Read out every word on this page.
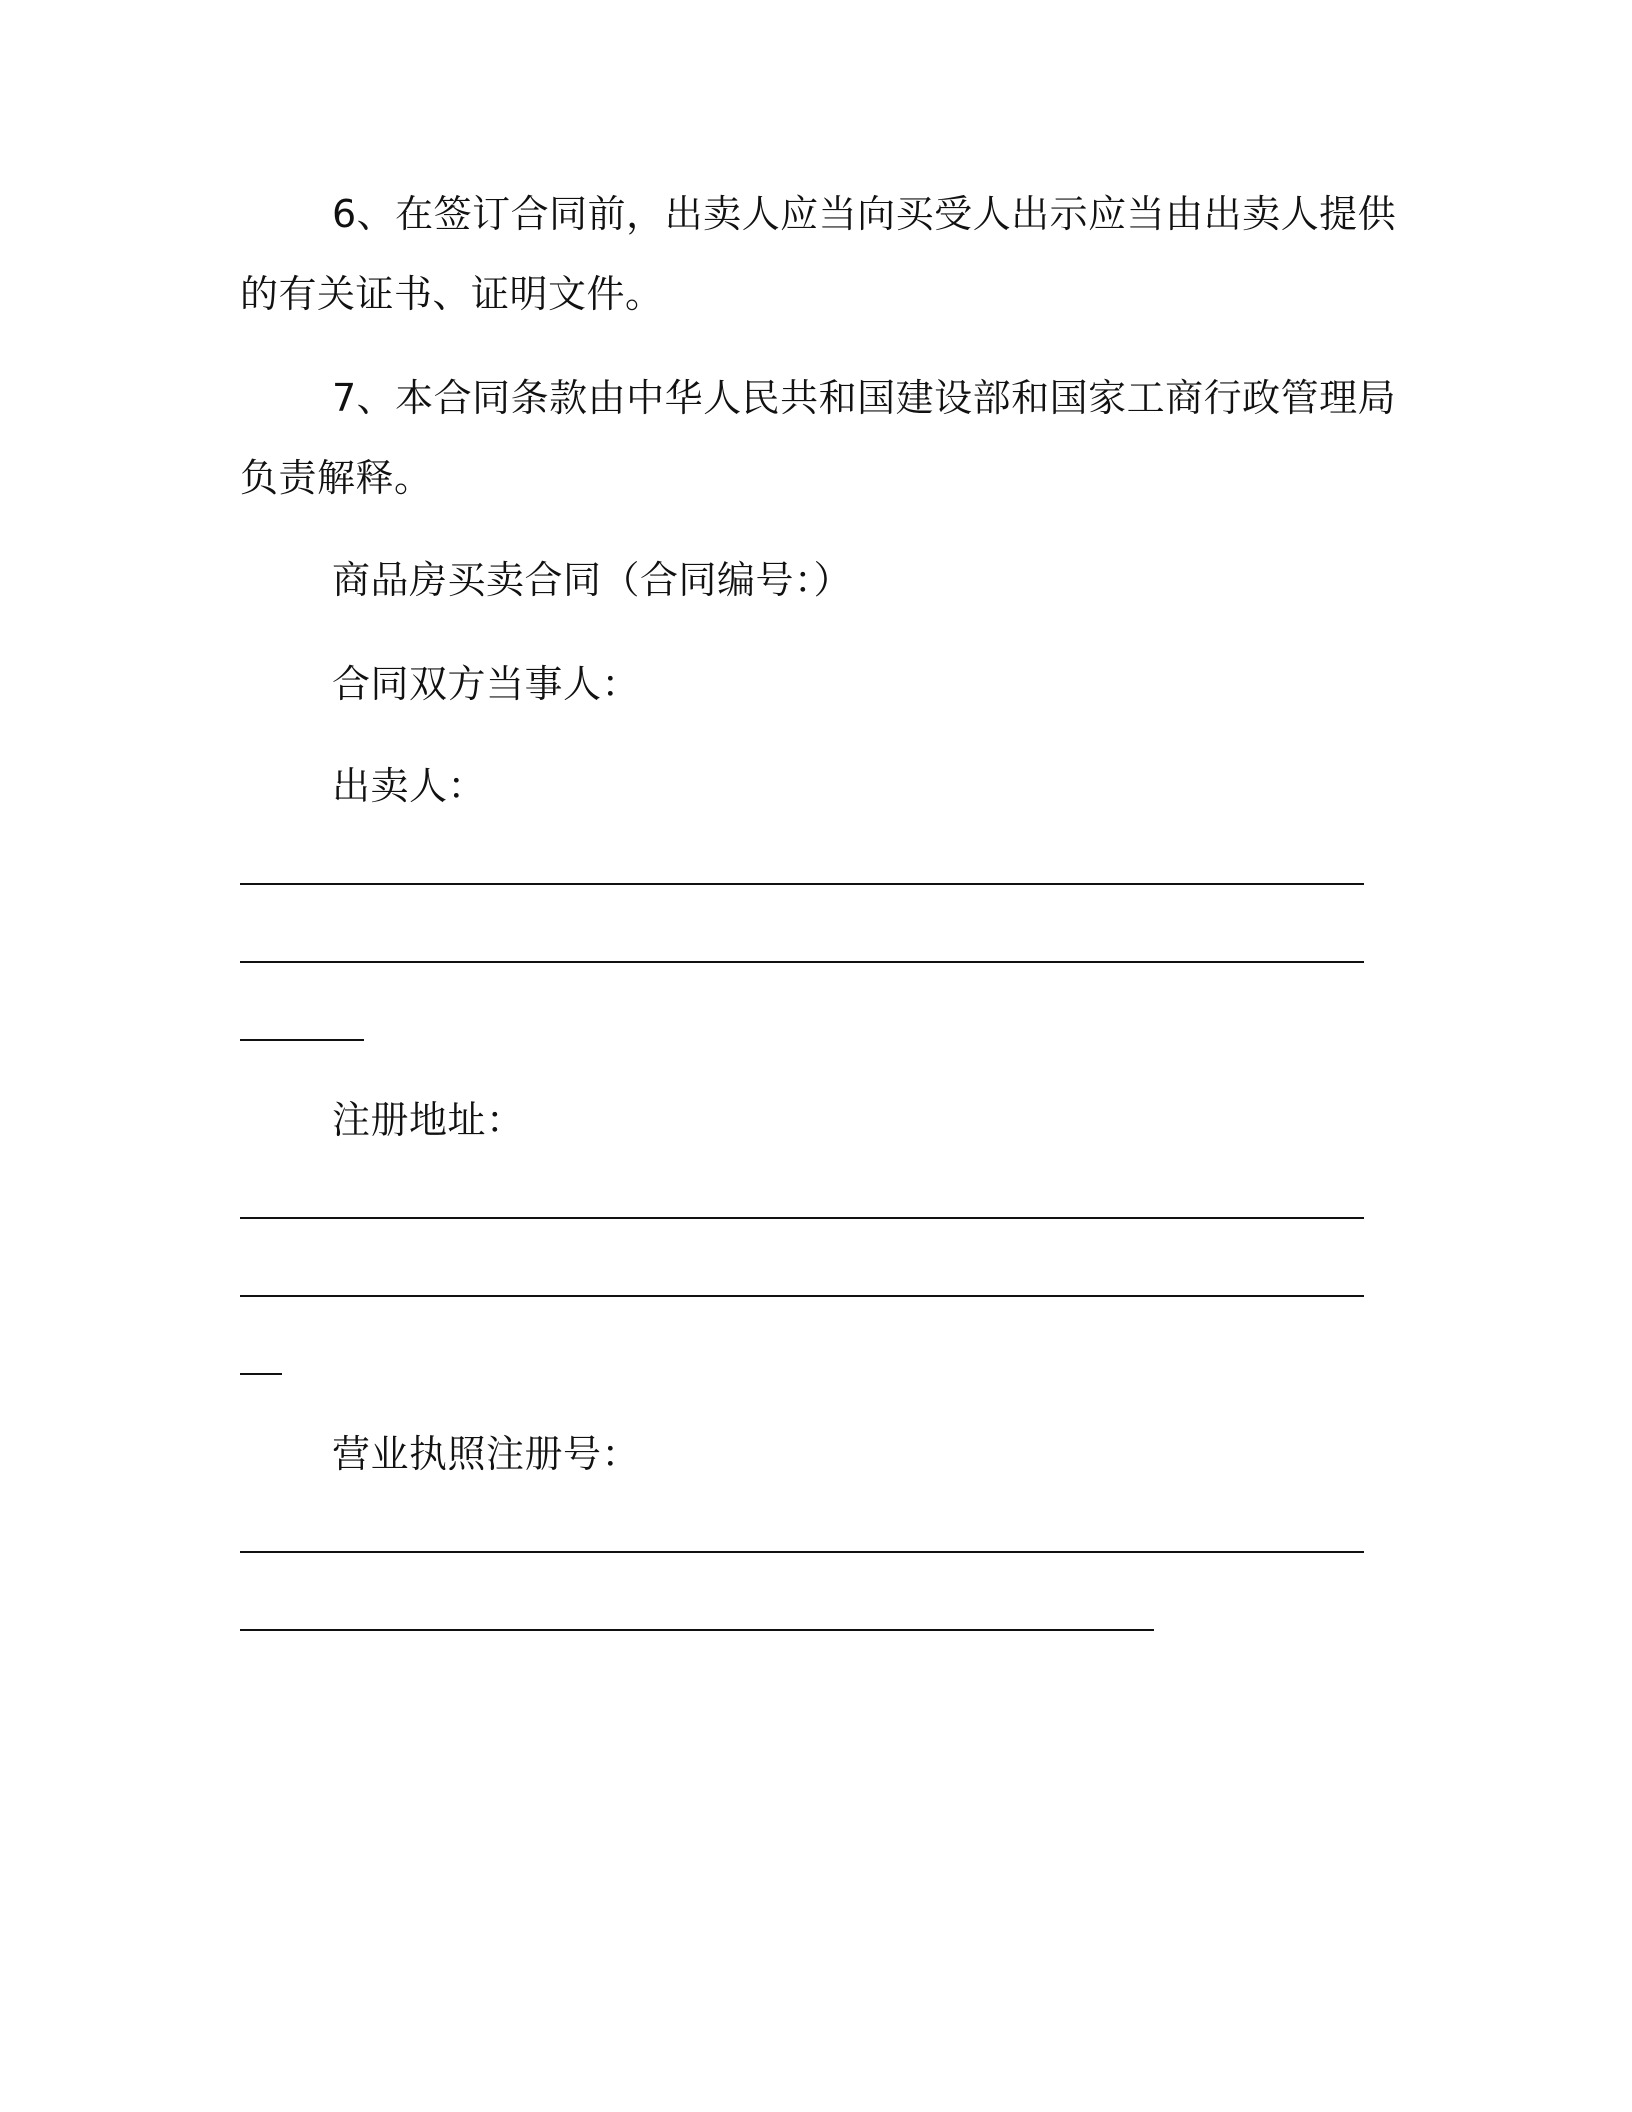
6、在签订合同前，出卖人应当向买受人出示应当由出卖人提供
的有关证书、证明文件。
7、本合同条款由中华人民共和国建设部和国家工商行政管理局
负责解释。
商品房买卖合同（合同编号：）
合同双方当事人：
出卖人：
注册地址：
营业执照注册号：
